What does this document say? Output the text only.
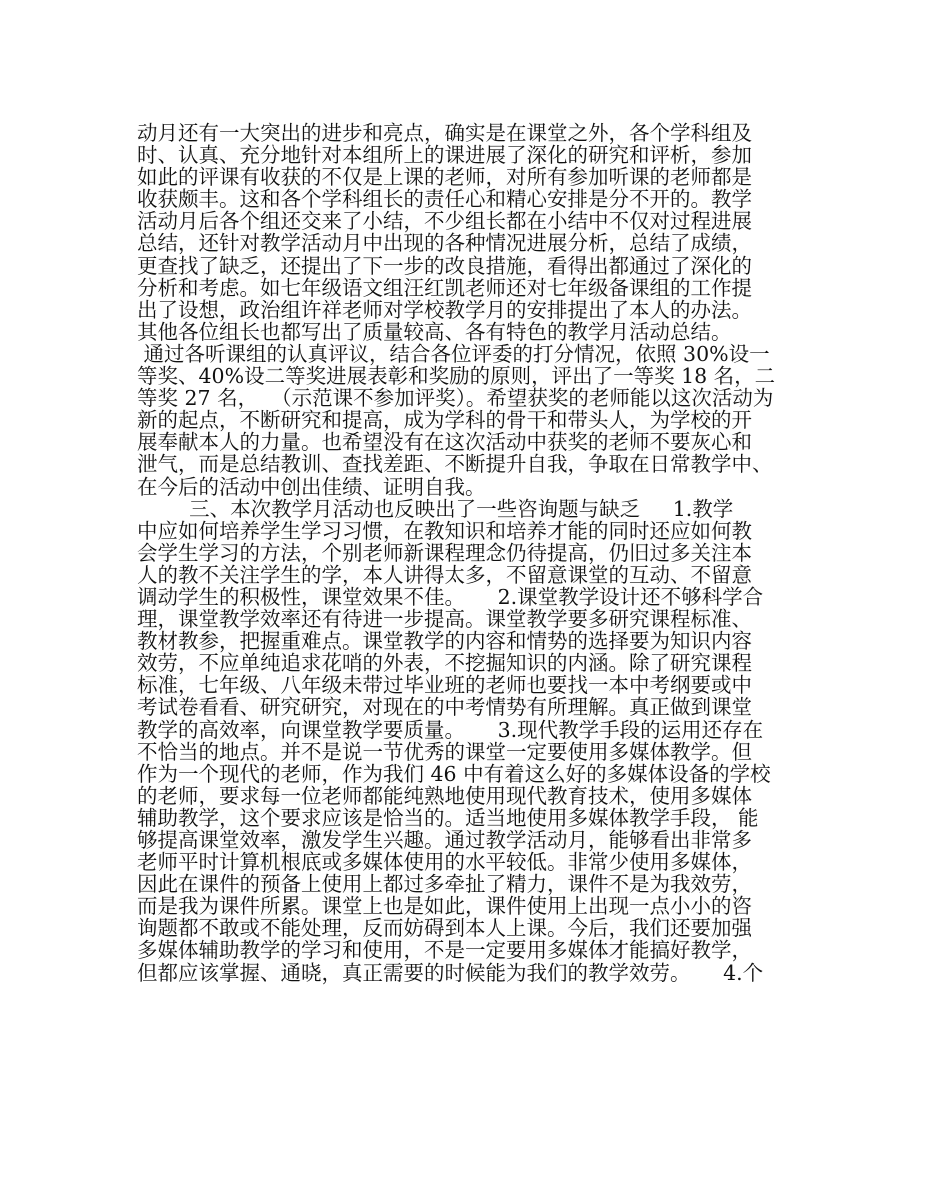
动月还有一大突出的进步和亮点，确实是在课堂之外，各个学科组及
时、认真、充分地针对本组所上的课进展了深化的研究和评析，参加
如此的评课有收获的不仅是上课的老师，对所有参加听课的老师都是
收获颇丰。这和各个学科组长的责任心和精心安排是分不开的。教学
活动月后各个组还交来了小结，不少组长都在小结中不仅对过程进展
总结，还针对教学活动月中出现的各种情况进展分析，总结了成绩，
更查找了缺乏，还提出了下一步的改良措施，看得出都通过了深化的
分析和考虑。如七年级语文组汪红凯老师还对七年级备课组的工作提
出了设想，政治组许祥老师对学校教学月的安排提出了本人的办法。
其他各位组长也都写出了质量较高、各有特色的教学月活动总结。
通过各听课组的认真评议，结合各位评委的打分情况，依照 30%设一
等奖、40%设二等奖进展表彰和奖励的原则，评出了一等奖 18 名，二
等奖 27 名，  （示范课不参加评奖）。希望获奖的老师能以这次活动为
新的起点，不断研究和提高，成为学科的骨干和带头人，为学校的开
展奉献本人的力量。也希望没有在这次活动中获奖的老师不要灰心和
泄气，而是总结教训、查找差距、不断提升自我，争取在日常教学中、
在今后的活动中创出佳绩、证明自我。
三、本次教学月活动也反映出了一些咨询题与缺乏     1.教学
中应如何培养学生学习习惯，在教知识和培养才能的同时还应如何教
会学生学习的方法，个别老师新课程理念仍待提高，仍旧过多关注本
人的教不关注学生的学，本人讲得太多，不留意课堂的互动、不留意
调动学生的积极性，课堂效果不佳。     2.课堂教学设计还不够科学合
理，课堂教学效率还有待进一步提高。课堂教学要多研究课程标准、
教材教参，把握重难点。课堂教学的内容和情势的选择要为知识内容
效劳，不应单纯追求花哨的外表，不挖掘知识的内涵。除了研究课程
标准，七年级、八年级未带过毕业班的老师也要找一本中考纲要或中
考试卷看看、研究研究，对现在的中考情势有所理解。真正做到课堂
教学的高效率，向课堂教学要质量。     3.现代教学手段的运用还存在
不恰当的地点。并不是说一节优秀的课堂一定要使用多媒体教学。但
作为一个现代的老师，作为我们 46 中有着这么好的多媒体设备的学校
的老师，要求每一位老师都能纯熟地使用现代教育技术，使用多媒体
辅助教学，这个要求应该是恰当的。适当地使用多媒体教学手段， 能
够提高课堂效率，激发学生兴趣。通过教学活动月，能够看出非常多
老师平时计算机根底或多媒体使用的水平较低。非常少使用多媒体，
因此在课件的预备上使用上都过多牵扯了精力，课件不是为我效劳，
而是我为课件所累。课堂上也是如此，课件使用上出现一点小小的咨
询题都不敢或不能处理，反而妨碍到本人上课。今后，我们还要加强
多媒体辅助教学的学习和使用，不是一定要用多媒体才能搞好教学，
但都应该掌握、通晓，真正需要的时候能为我们的教学效劳。     4.个
